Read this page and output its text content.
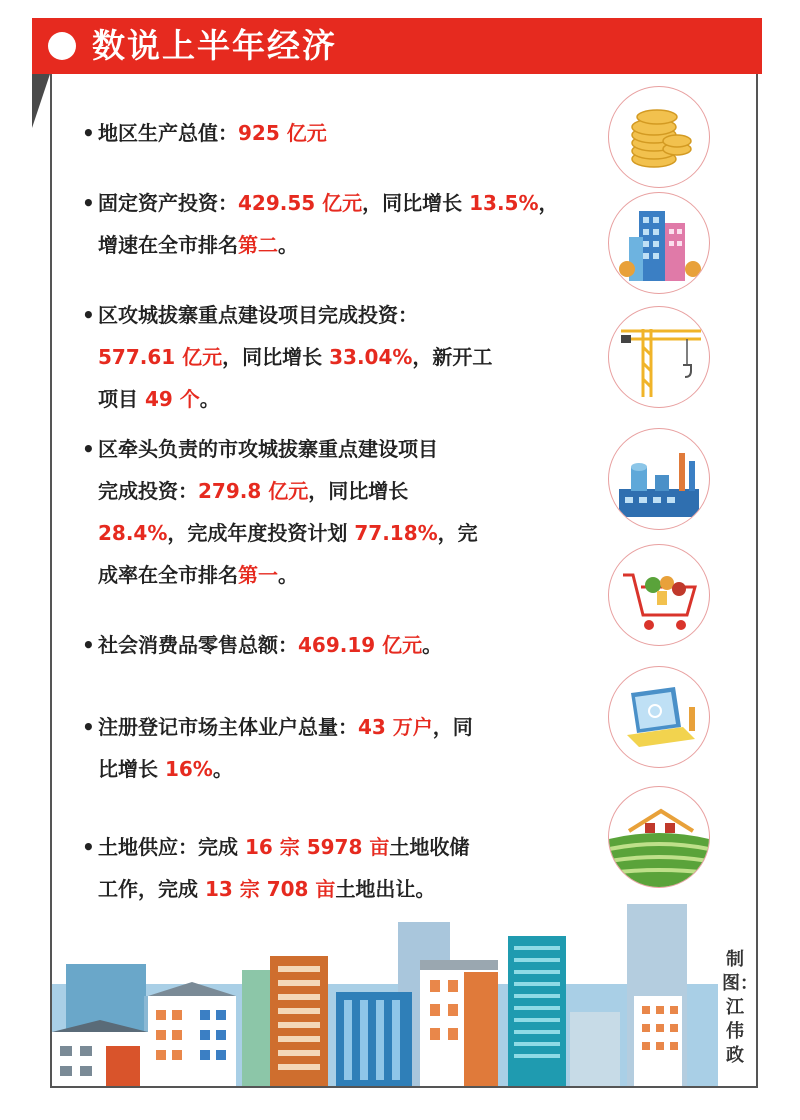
数说上半年经济
• 地区生产总值：925 亿元
• 固定资产投资：429.55 亿元，同比增长 13.5%，
增速在全市排名第二。
• 区攻城拔寨重点建设项目完成投资：
577.61 亿元，同比增长 33.04%，新开工
项目 49 个。
• 区牵头负责的市攻城拔寨重点建设项目
完成投资：279.8 亿元，同比增长
28.4%，完成年度投资计划 77.18%，完
成率在全市排名第一。
• 社会消费品零售总额：469.19 亿元。
• 注册登记市场主体业户总量：43 万户，同
比增长 16%。
• 土地供应：完成 16 宗 5978 亩土地收储
工作，完成 13 宗 708 亩土地出让。
制图：
江伟政
